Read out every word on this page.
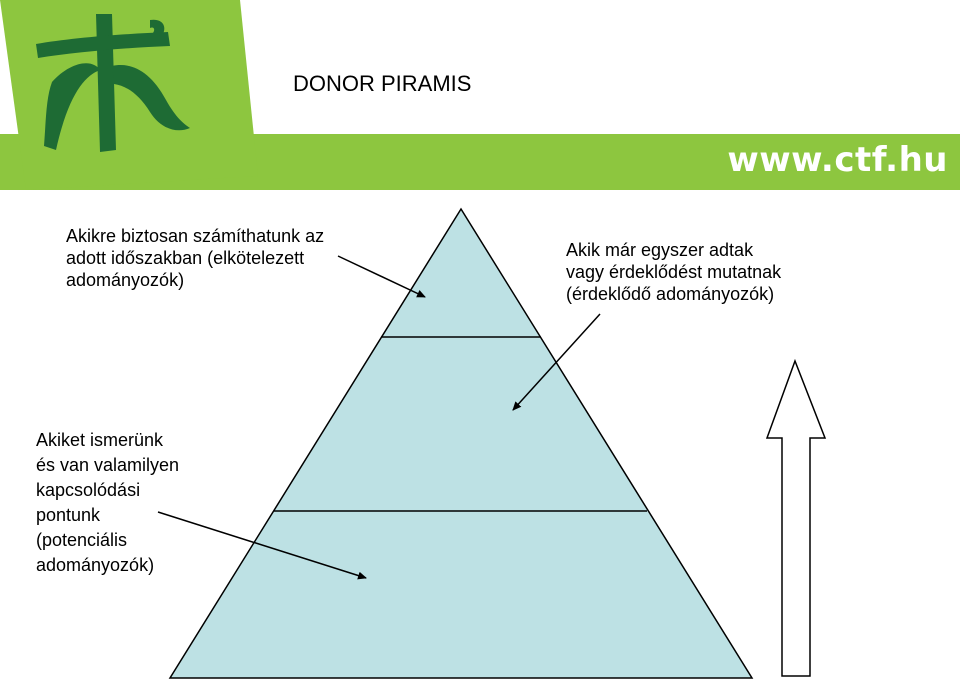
www.ctf.hu
DONOR PIRAMIS
Akikre biztosan számíthatunk az
adott időszakban (elkötelezett
adományozók)
Akik már egyszer adtak
vagy érdeklődést mutatnak
(érdeklődő adományozók)
Akiket ismerünk
és van valamilyen
kapcsolódási
pontunk
(potenciális
adományozók)
